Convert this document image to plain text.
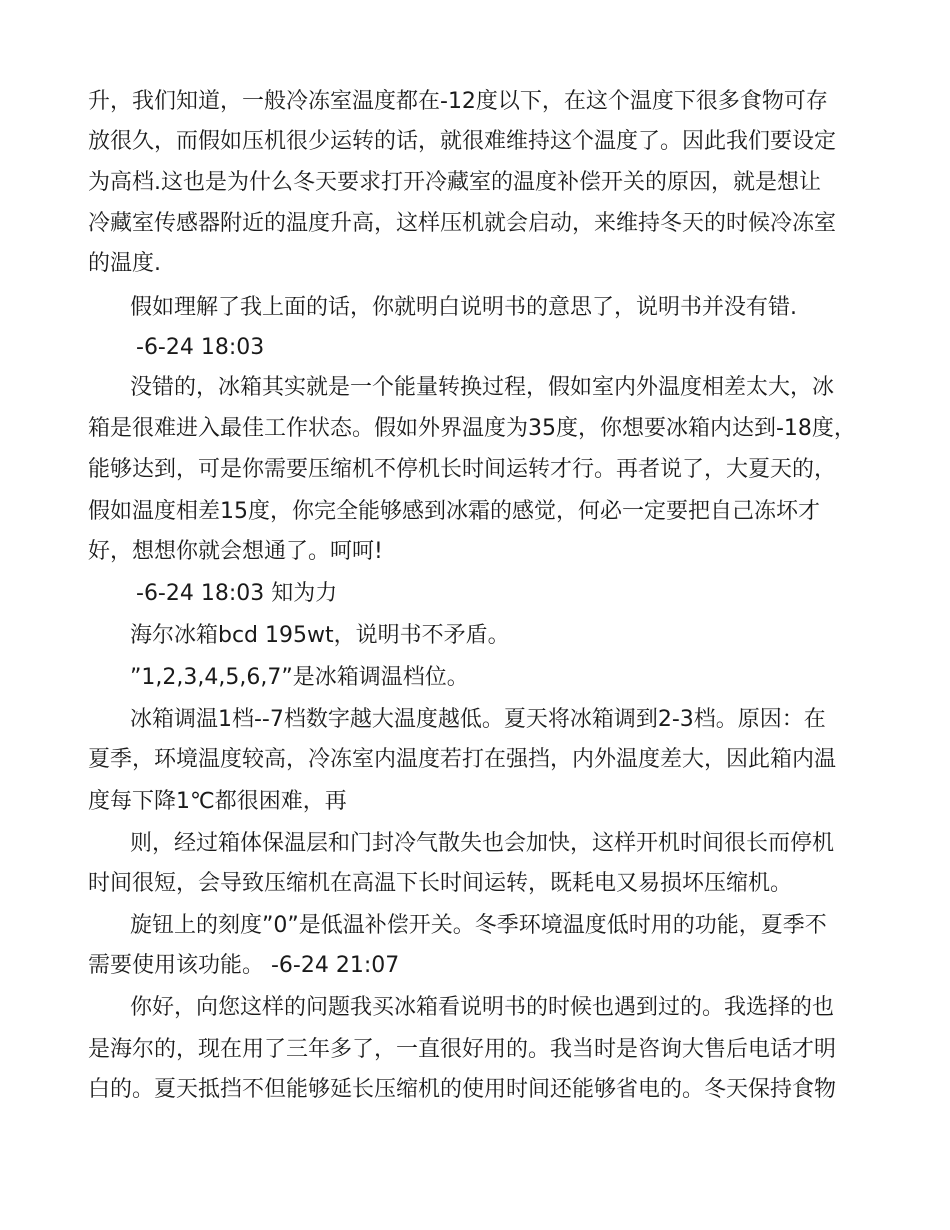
升，我们知道，一般冷冻室温度都在-12度以下，在这个温度下很多食物可存
放很久，而假如压机很少运转的话，就很难维持这个温度了。因此我们要设定
为高档.这也是为什么冬天要求打开冷藏室的温度补偿开关的原因，就是想让
冷藏室传感器附近的温度升高，这样压机就会启动，来维持冬天的时候冷冻室
的温度.
假如理解了我上面的话，你就明白说明书的意思了，说明书并没有错.
-6-24 18:03
没错的，冰箱其实就是一个能量转换过程，假如室内外温度相差太大，冰
箱是很难进入最佳工作状态。假如外界温度为35度，你想要冰箱内达到-18度，
能够达到，可是你需要压缩机不停机长时间运转才行。再者说了，大夏天的，
假如温度相差15度，你完全能够感到冰霜的感觉，何必一定要把自己冻坏才
好，想想你就会想通了。呵呵!
-6-24 18:03 知为力
海尔冰箱bcd 195wt，说明书不矛盾。
”1,2,3,4,5,6,7”是冰箱调温档位。
冰箱调温1档--7档数字越大温度越低。夏天将冰箱调到2-3档。原因：在
夏季，环境温度较高，冷冻室内温度若打在强挡，内外温度差大，因此箱内温
度每下降1℃都很困难，再
则，经过箱体保温层和门封冷气散失也会加快，这样开机时间很长而停机
时间很短，会导致压缩机在高温下长时间运转，既耗电又易损坏压缩机。
旋钮上的刻度”0”是低温补偿开关。冬季环境温度低时用的功能，夏季不
需要使用该功能。 -6-24 21:07
你好，向您这样的问题我买冰箱看说明书的时候也遇到过的。我选择的也
是海尔的，现在用了三年多了，一直很好用的。我当时是咨询大售后电话才明
白的。夏天抵挡不但能够延长压缩机的使用时间还能够省电的。冬天保持食物
